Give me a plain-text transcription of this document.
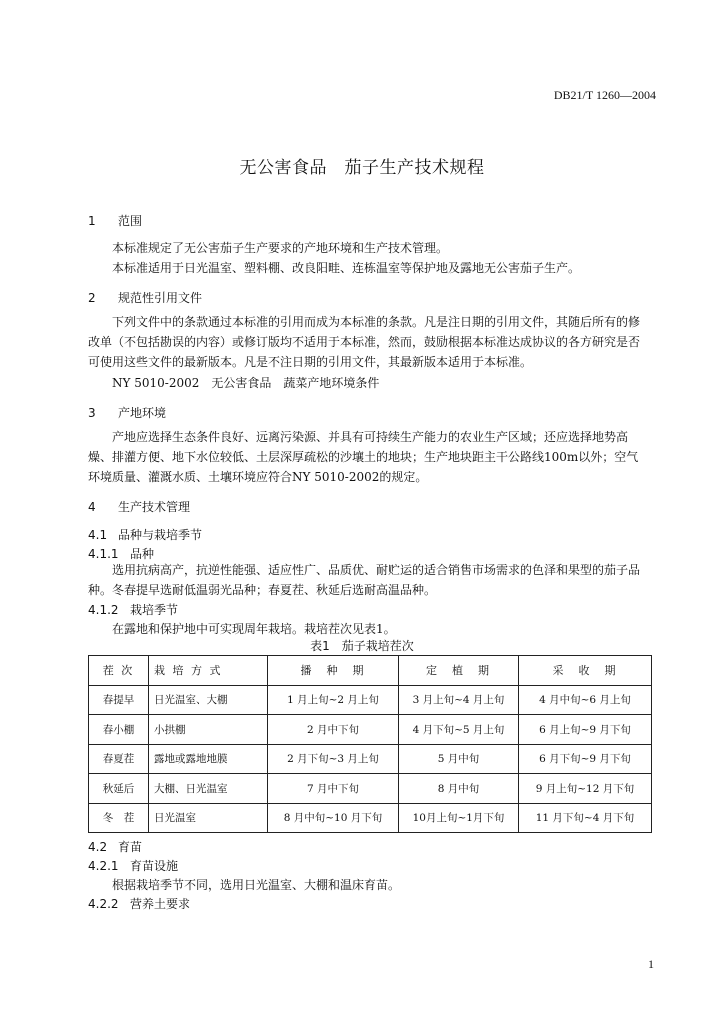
DB21/T 1260—2004
无公害食品　茄子生产技术规程
1 范围
本标准规定了无公害茄子生产要求的产地环境和生产技术管理。
本标准适用于日光温室、塑料棚、改良阳畦、连栋温室等保护地及露地无公害茄子生产。
2 规范性引用文件
下列文件中的条款通过本标准的引用而成为本标准的条款。凡是注日期的引用文件，其随后所有的修改单（不包括勘误的内容）或修订版均不适用于本标准，然而，鼓励根据本标准达成协议的各方研究是否可使用这些文件的最新版本。凡是不注日期的引用文件，其最新版本适用于本标准。
NY 5010-2002　无公害食品　蔬菜产地环境条件
3 产地环境
产地应选择生态条件良好、远离污染源、并具有可持续生产能力的农业生产区域；还应选择地势高燥、排灌方便、地下水位较低、土层深厚疏松的沙壤土的地块；生产地块距主干公路线100m以外；空气环境质量、灌溉水质、土壤环境应符合NY 5010-2002的规定。
4 生产技术管理
4.1 品种与栽培季节
4.1.1 品种
选用抗病高产，抗逆性能强、适应性广、品质优、耐贮运的适合销售市场需求的色泽和果型的茄子品种。冬春提早选耐低温弱光品种；春夏茬、秋延后选耐高温品种。
4.1.2 栽培季节
在露地和保护地中可实现周年栽培。栽培茬次见表1。
表1　茄子栽培茬次
茬 次	栽 培 方 式	播　种　期	定　植　期	采　收　期
春提早	日光温室、大棚	1 月上旬~2 月上旬	3 月上旬~4 月上旬	4 月中旬~6 月上旬
春小棚	小拱棚	2 月中下旬	4 月下旬~5 月上旬	6 月上旬~9 月下旬
春夏茬	露地或露地地膜	2 月下旬~3 月上旬	5 月中旬	6 月下旬~9 月下旬
秋延后	大棚、日光温室	7 月中下旬	8 月中旬	9 月上旬~12 月下旬
冬　茬	日光温室	8 月中旬~10 月下旬	10月上旬~1月下旬	11 月下旬~4 月下旬
4.2 育苗
4.2.1 育苗设施
根据栽培季节不同，选用日光温室、大棚和温床育苗。
4.2.2 营养土要求
1
